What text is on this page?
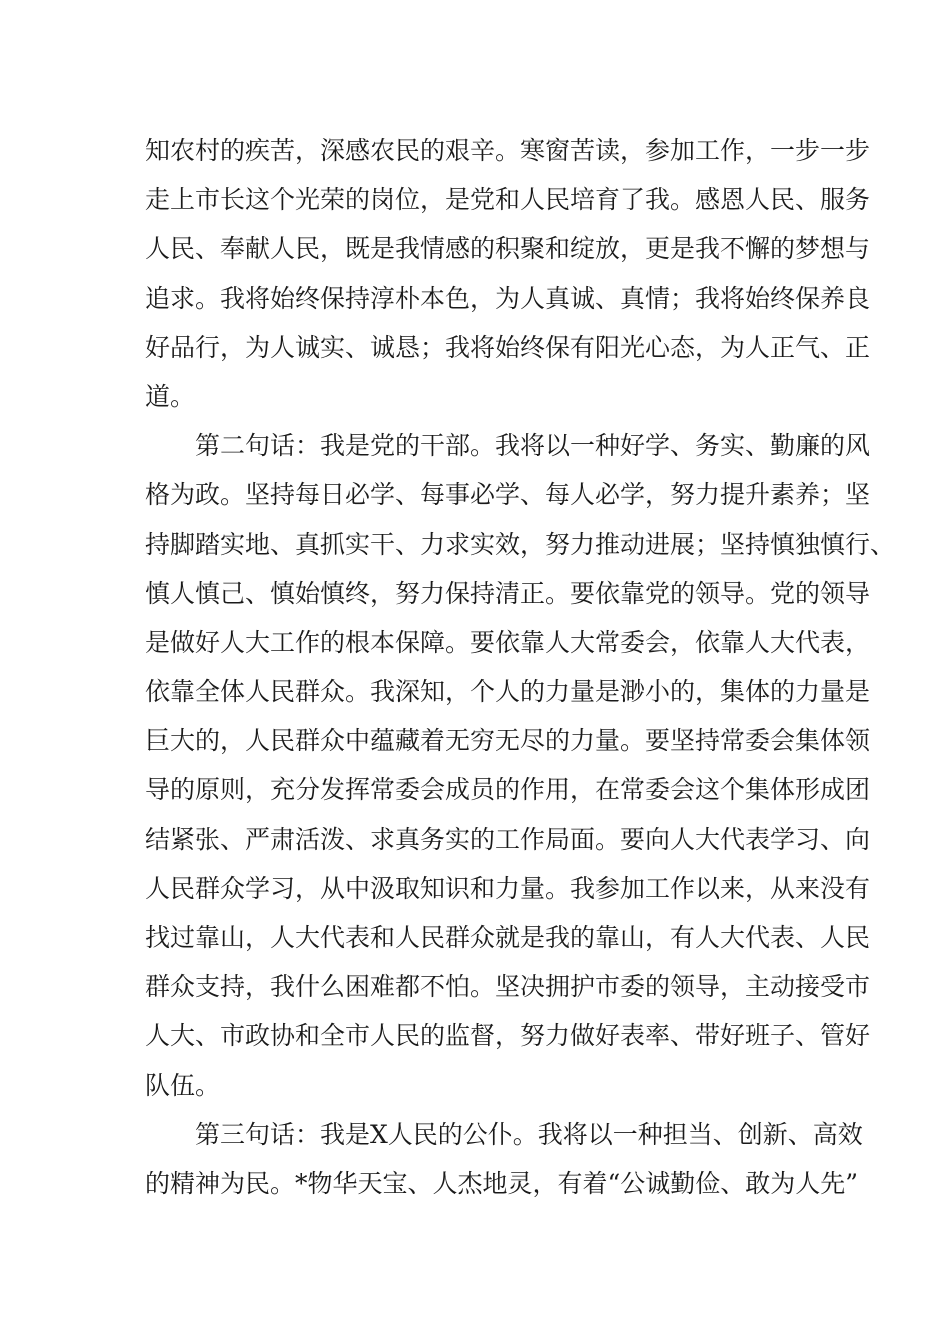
知农村的疾苦，深感农民的艰辛。寒窗苦读，参加工作，一步一步
走上市长这个光荣的岗位，是党和人民培育了我。感恩人民、服务
人民、奉献人民，既是我情感的积聚和绽放，更是我不懈的梦想与
追求。我将始终保持淳朴本色，为人真诚、真情；我将始终保养良
好品行，为人诚实、诚恳；我将始终保有阳光心态，为人正气、正
道。
　　第二句话：我是党的干部。我将以一种好学、务实、勤廉的风
格为政。坚持每日必学、每事必学、每人必学，努力提升素养；坚
持脚踏实地、真抓实干、力求实效，努力推动进展；坚持慎独慎行、
慎人慎己、慎始慎终，努力保持清正。要依靠党的领导。党的领导
是做好人大工作的根本保障。要依靠人大常委会，依靠人大代表，
依靠全体人民群众。我深知，个人的力量是渺小的，集体的力量是
巨大的，人民群众中蕴藏着无穷无尽的力量。要坚持常委会集体领
导的原则，充分发挥常委会成员的作用，在常委会这个集体形成团
结紧张、严肃活泼、求真务实的工作局面。要向人大代表学习、向
人民群众学习，从中汲取知识和力量。我参加工作以来，从来没有
找过靠山，人大代表和人民群众就是我的靠山，有人大代表、人民
群众支持，我什么困难都不怕。坚决拥护市委的领导，主动接受市
人大、市政协和全市人民的监督，努力做好表率、带好班子、管好
队伍。
　　第三句话：我是X人民的公仆。我将以一种担当、创新、高效
的精神为民。*物华天宝、人杰地灵，有着“公诚勤俭、敢为人先”
